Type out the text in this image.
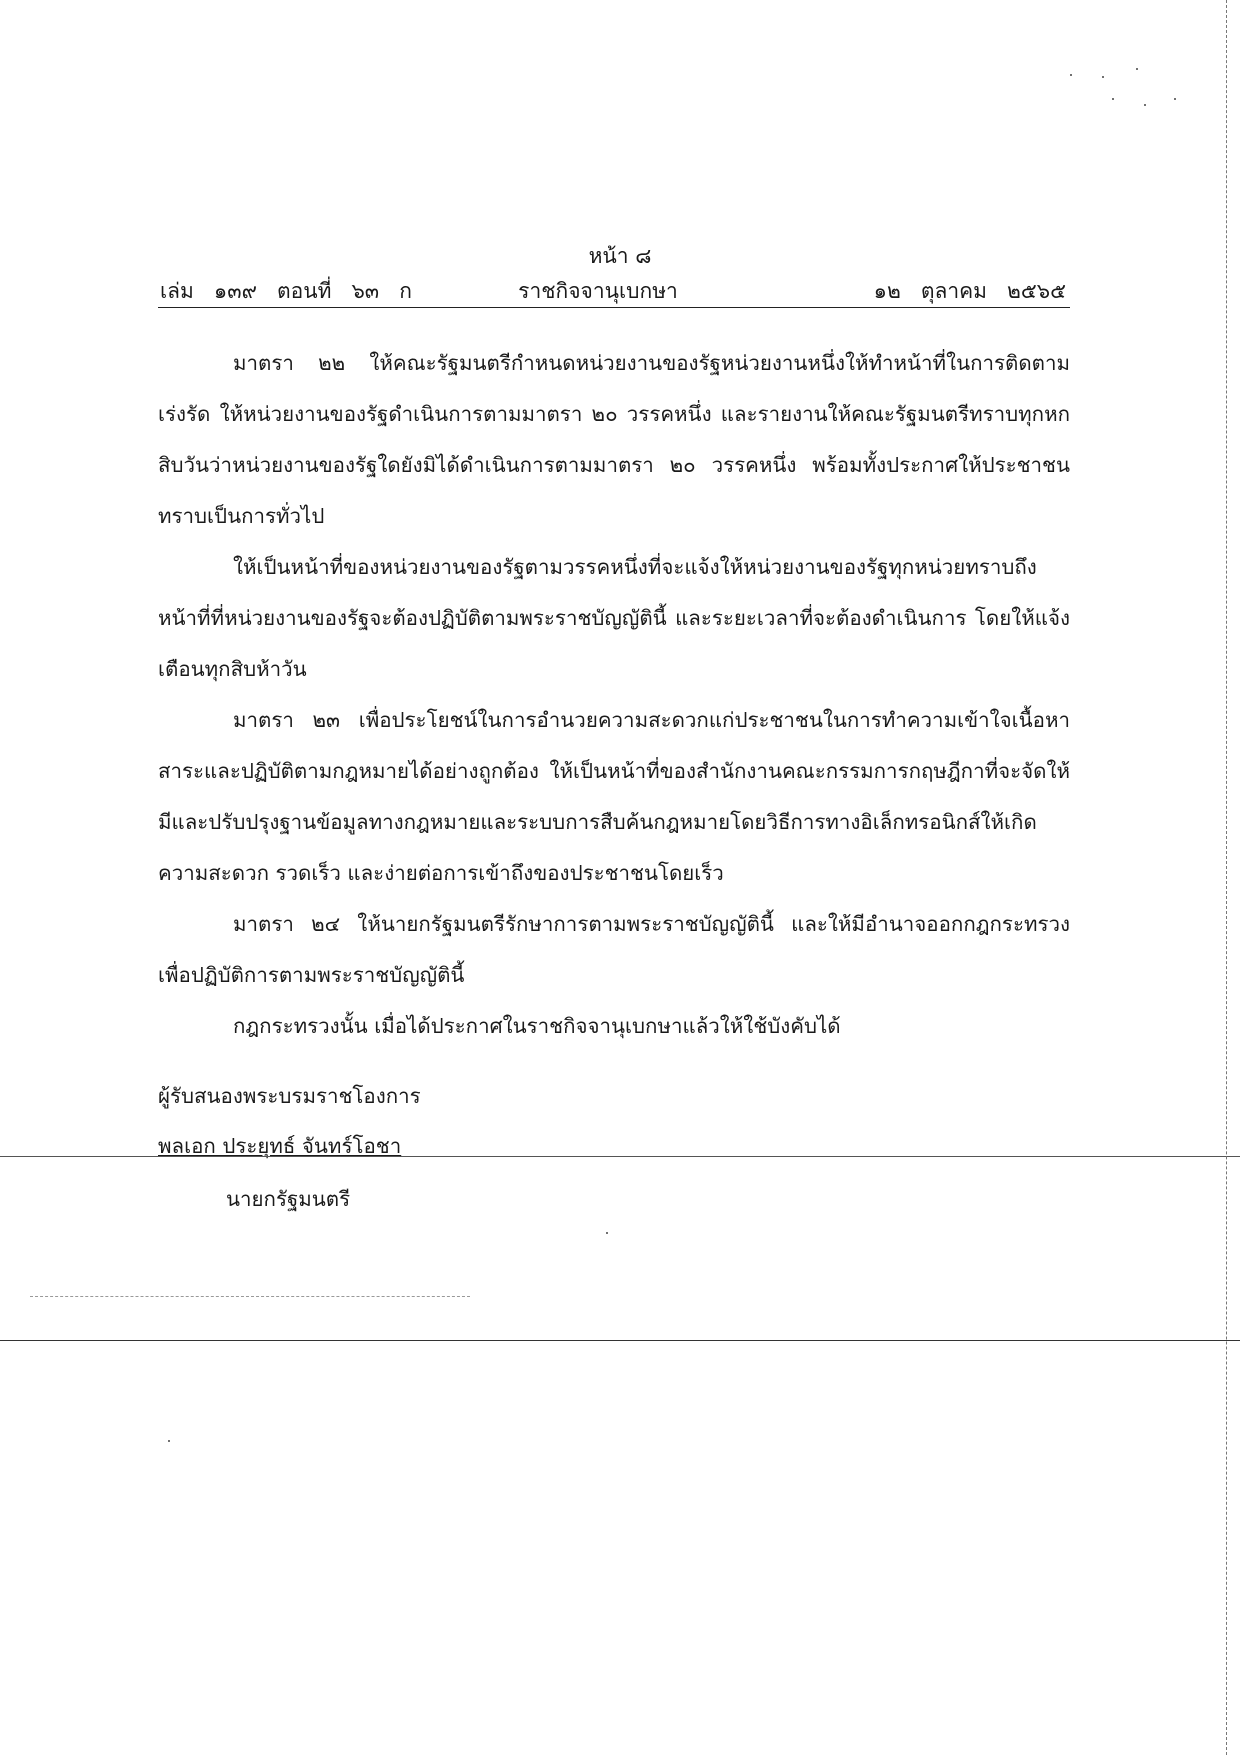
หน้า ๘
เล่ม   ๑๓๙   ตอนที่   ๖๓   ก	ราชกิจจานุเบกษา	๑๒   ตุลาคม   ๒๕๖๕

มาตรา ๒๒ ให้คณะรัฐมนตรีกำหนดหน่วยงานของรัฐหน่วยงานหนึ่งให้ทำหน้าที่ในการติดตาม เร่งรัด ให้หน่วยงานของรัฐดำเนินการตามมาตรา ๒๐ วรรคหนึ่ง และรายงานให้คณะรัฐมนตรีทราบทุกหกสิบวันว่าหน่วยงานของรัฐใดยังมิได้ดำเนินการตามมาตรา ๒๐ วรรคหนึ่ง พร้อมทั้งประกาศให้ประชาชนทราบเป็นการทั่วไป

ให้เป็นหน้าที่ของหน่วยงานของรัฐตามวรรคหนึ่งที่จะแจ้งให้หน่วยงานของรัฐทุกหน่วยทราบถึงหน้าที่ที่หน่วยงานของรัฐจะต้องปฏิบัติตามพระราชบัญญัตินี้ และระยะเวลาที่จะต้องดำเนินการ โดยให้แจ้งเตือนทุกสิบห้าวัน

มาตรา ๒๓ เพื่อประโยชน์ในการอำนวยความสะดวกแก่ประชาชนในการทำความเข้าใจเนื้อหาสาระและปฏิบัติตามกฎหมายได้อย่างถูกต้อง ให้เป็นหน้าที่ของสำนักงานคณะกรรมการกฤษฎีกาที่จะจัดให้มีและปรับปรุงฐานข้อมูลทางกฎหมายและระบบการสืบค้นกฎหมายโดยวิธีการทางอิเล็กทรอนิกส์ให้เกิดความสะดวก รวดเร็ว และง่ายต่อการเข้าถึงของประชาชนโดยเร็ว

มาตรา ๒๔ ให้นายกรัฐมนตรีรักษาการตามพระราชบัญญัตินี้ และให้มีอำนาจออกกฎกระทรวงเพื่อปฏิบัติการตามพระราชบัญญัตินี้

กฎกระทรวงนั้น เมื่อได้ประกาศในราชกิจจานุเบกษาแล้วให้ใช้บังคับได้

ผู้รับสนองพระบรมราชโองการ
พลเอก ประยุทธ์ จันทร์โอชา
นายกรัฐมนตรี
